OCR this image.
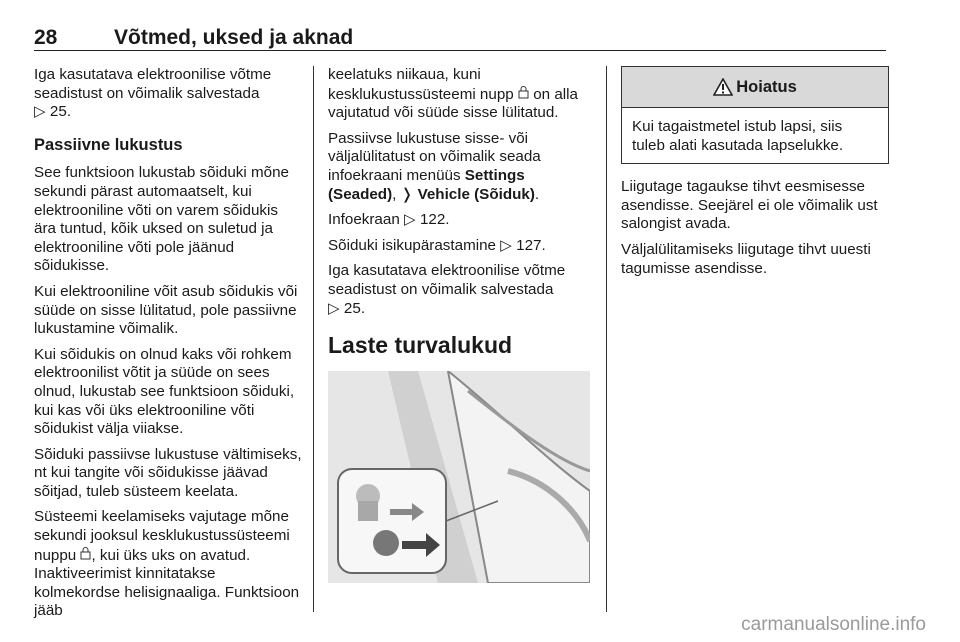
28	Võtmed, uksed ja aknad

Iga kasutatava elektroonilise võtme seadistust on võimalik salvestada
▷ 25.

Passiivne lukustus

See funktsioon lukustab sõiduki mõne sekundi pärast automaatselt, kui elektrooniline võti on varem sõidukis ära tuntud, kõik uksed on suletud ja elektrooniline võti pole jäänud sõidukisse.

Kui elektrooniline võit asub sõidukis või süüde on sisse lülitatud, pole passiivne lukustamine võimalik.

Kui sõidukis on olnud kaks või rohkem elektroonilist võtit ja süüde on sees olnud, lukustab see funktsioon sõiduki, kui kas või üks elektrooniline võti sõidukist välja viiakse.

Sõiduki passiivse lukustuse vältimiseks, nt kui tangite või sõidukisse jäävad sõitjad, tuleb süsteem keelata.

Süsteemi keelamiseks vajutage mõne sekundi jooksul kesklukustussüsteemi nuppu , kui üks uks on avatud. Inaktiveerimist kinnitatakse kolmekordse helisignaaliga. Funktsioon jääb

keelatuks niikaua, kuni kesklukustussüsteemi nupp on alla vajutatud või süüde sisse lülitatud.

Passiivse lukustuse sisse- või väljalülitatust on võimalik seada infoekraani menüüs Settings (Seaded), ❭ Vehicle (Sõiduk).

Infoekraan ▷ 122.

Sõiduki isikupärastamine ▷ 127.

Iga kasutatava elektroonilise võtme seadistust on võimalik salvestada
▷ 25.

Laste turvalukud
Hoiatus
Kui tagaistmetel istub lapsi, siis tuleb alati kasutada lapselukke.

Liigutage tagaukse tihvt eesmisesse asendisse. Seejärel ei ole võimalik ust salongist avada.

Väljalülitamiseks liigutage tihvt uuesti tagumisse asendisse.

carmanualsonline.info
